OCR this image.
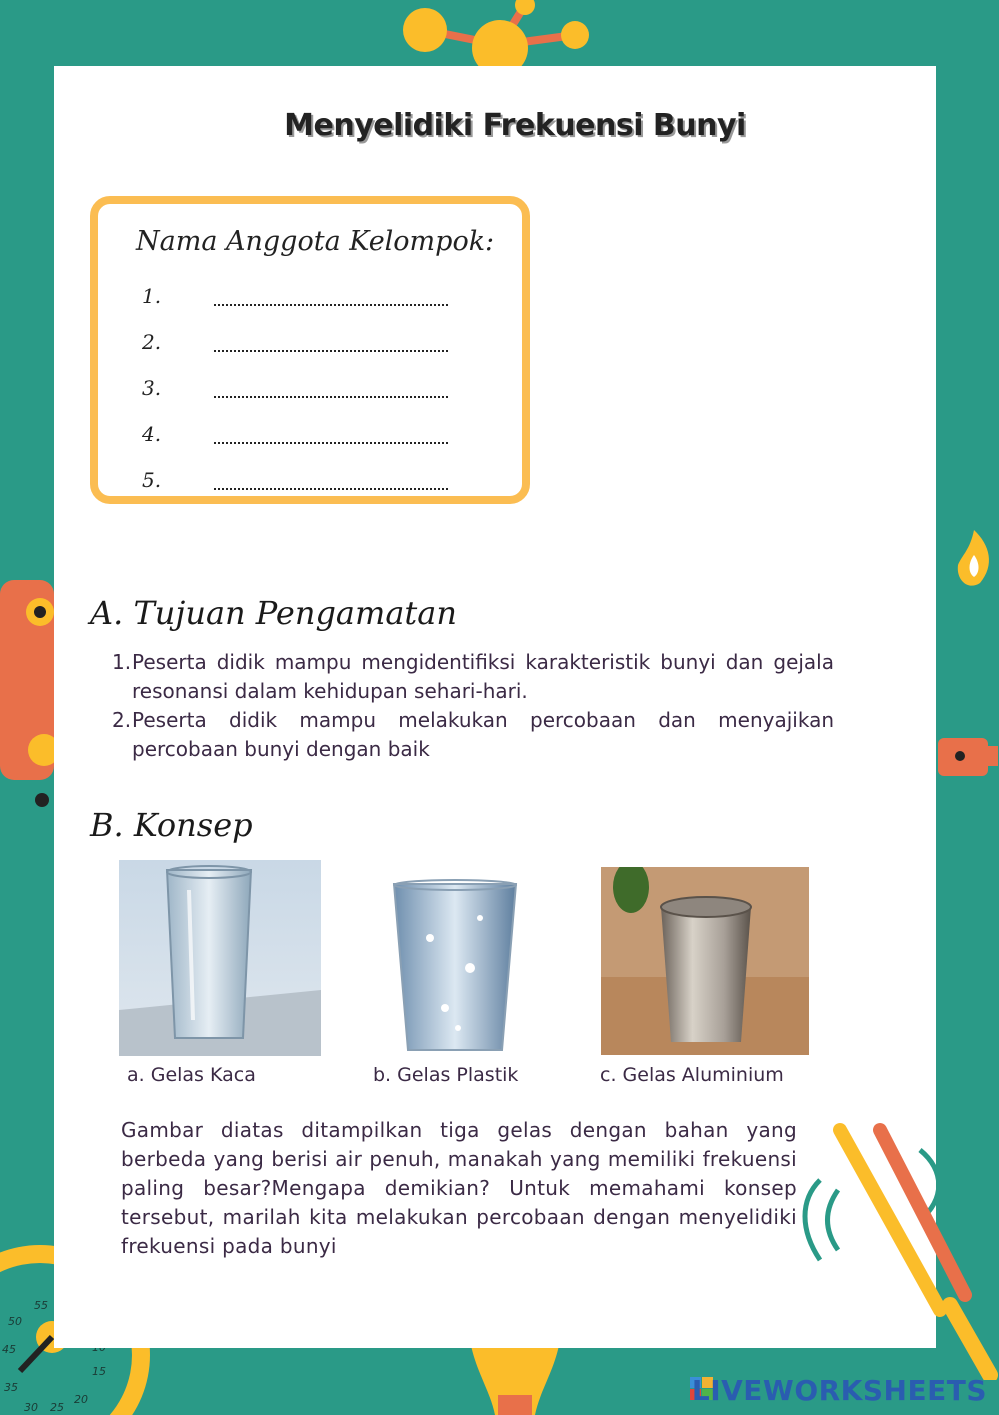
55
50
15
45
35
30 25
20
Menyelidiki Frekuensi Bunyi
Nama Anggota Kelompok:
1.
2.
3.
4.
5.
A. Tujuan Pengamatan
1. Peserta didik mampu mengidentifiksi karakteristik bunyi dan gejala resonansi dalam kehidupan sehari-hari.
2. Peserta didik mampu melakukan percobaan dan menyajikan percobaan bunyi dengan baik
B. Konsep
a. Gelas Kaca	b. Gelas Plastik	c. Gelas Aluminium
Gambar diatas ditampilkan tiga gelas dengan bahan yang berbeda yang berisi air penuh, manakah yang memiliki frekuensi paling besar?Mengapa demikian? Untuk memahami konsep tersebut, marilah kita melakukan percobaan dengan menyelidiki frekuensi pada bunyi
LIVEWORKSHEETS
